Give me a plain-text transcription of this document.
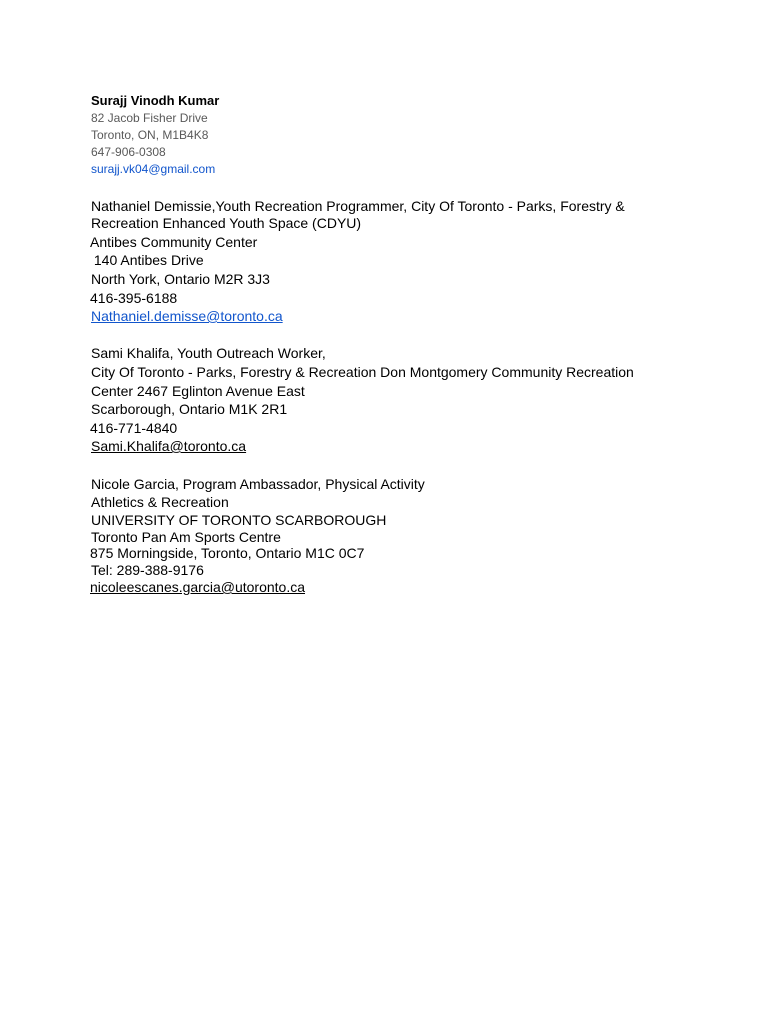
Surajj Vinodh Kumar
82 Jacob Fisher Drive
Toronto, ON, M1B4K8
647-906-0308
surajj.vk04@gmail.com
Nathaniel Demissie,Youth Recreation Programmer, City Of Toronto - Parks, Forestry &
Recreation Enhanced Youth Space (CDYU)
Antibes Community Center
140 Antibes Drive
North York, Ontario M2R 3J3
416-395-6188
Nathaniel.demisse@toronto.ca
Sami Khalifa, Youth Outreach Worker,
City Of Toronto - Parks, Forestry & Recreation Don Montgomery Community Recreation
Center 2467 Eglinton Avenue East
Scarborough, Ontario M1K 2R1
416-771-4840
Sami.Khalifa@toronto.ca
Nicole Garcia, Program Ambassador, Physical Activity
Athletics & Recreation
UNIVERSITY OF TORONTO SCARBOROUGH
Toronto Pan Am Sports Centre
875 Morningside, Toronto, Ontario M1C 0C7
Tel: 289-388-9176
nicoleescanes.garcia@utoronto.ca
